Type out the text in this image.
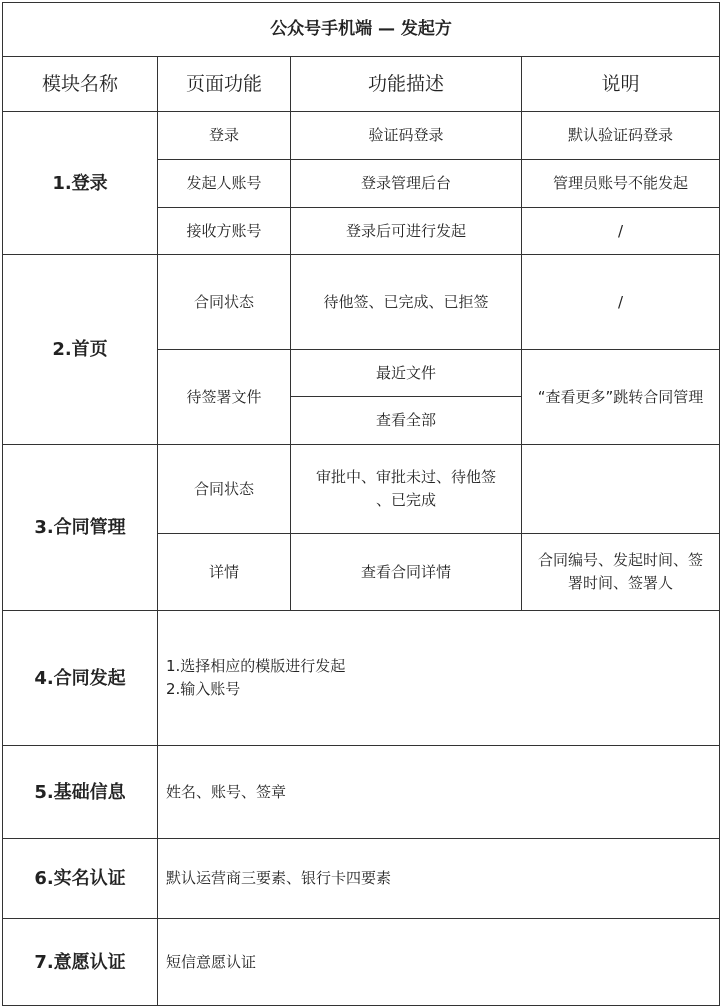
公众号手机端 — 发起方			
模块名称	页面功能	功能描述	说明
1.登录	登录	验证码登录	默认验证码登录
	发起人账号	登录管理后台	管理员账号不能发起
	接收方账号	登录后可进行发起	/
2.首页	合同状态	待他签、已完成、已拒签	/
	待签署文件	最近文件	“查看更多”跳转合同管理
		查看全部	
3.合同管理	合同状态	审批中、审批未过、待他签
、已完成	

	详情	查看合同详情	合同编号、发起时间、签
署时间、签署人

4.合同发起	1.选择相应的模版进行发起
2.输入账号		

5.基础信息	姓名、账号、签章		
6.实名认证	默认运营商三要素、银行卡四要素		
7.意愿认证	短信意愿认证		
